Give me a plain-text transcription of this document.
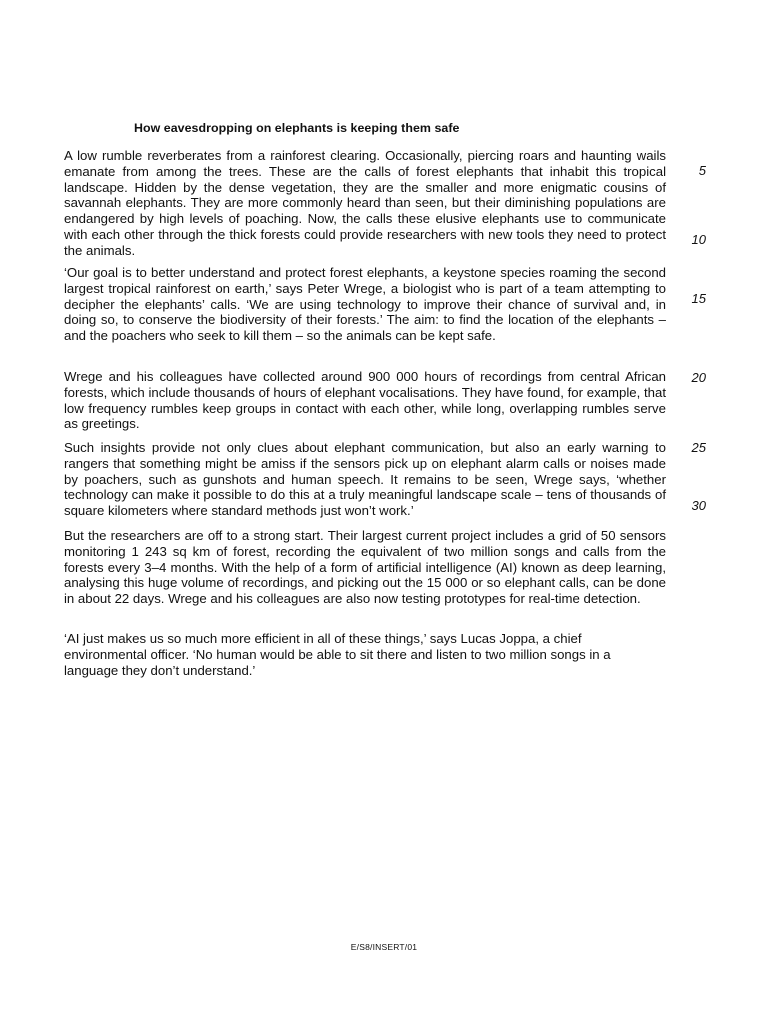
How eavesdropping on elephants is keeping them safe

A low rumble reverberates from a rainforest clearing. Occasionally, piercing roars and haunting wails emanate from among the trees. These are the calls of forest elephants that inhabit this tropical landscape. Hidden by the dense vegetation, they are the smaller and more enigmatic cousins of savannah elephants. They are more commonly heard than seen, but their diminishing populations are endangered by high levels of poaching. Now, the calls these elusive elephants use to communicate with each other through the thick forests could provide researchers with new tools they need to protect the animals.

‘Our goal is to better understand and protect forest elephants, a keystone species roaming the second largest tropical rainforest on earth,’ says Peter Wrege, a biologist who is part of a team attempting to decipher the elephants’ calls. ‘We are using technology to improve their chance of survival and, in doing so, to conserve the biodiversity of their forests.’ The aim: to find the location of the elephants – and the poachers who seek to kill them – so the animals can be kept safe.

Wrege and his colleagues have collected around 900 000 hours of recordings from central African forests, which include thousands of hours of elephant vocalisations. They have found, for example, that low frequency rumbles keep groups in contact with each other, while long, overlapping rumbles serve as greetings.

Such insights provide not only clues about elephant communication, but also an early warning to rangers that something might be amiss if the sensors pick up on elephant alarm calls or noises made by poachers, such as gunshots and human speech. It remains to be seen, Wrege says, ‘whether technology can make it possible to do this at a truly meaningful landscape scale – tens of thousands of square kilometers where standard methods just won’t work.’

But the researchers are off to a strong start. Their largest current project includes a grid of 50 sensors monitoring 1 243 sq km of forest, recording the equivalent of two million songs and calls from the forests every 3–4 months. With the help of a form of artificial intelligence (AI) known as deep learning, analysing this huge volume of recordings, and picking out the 15 000 or so elephant calls, can be done in about 22 days. Wrege and his colleagues are also now testing prototypes for real-time detection.

‘AI just makes us so much more efficient in all of these things,’ says Lucas Joppa, a chief environmental officer. ‘No human would be able to sit there and listen to two million songs in a language they don’t understand.’

5
10
15
20
25
30
E/S8/INSERT/01
